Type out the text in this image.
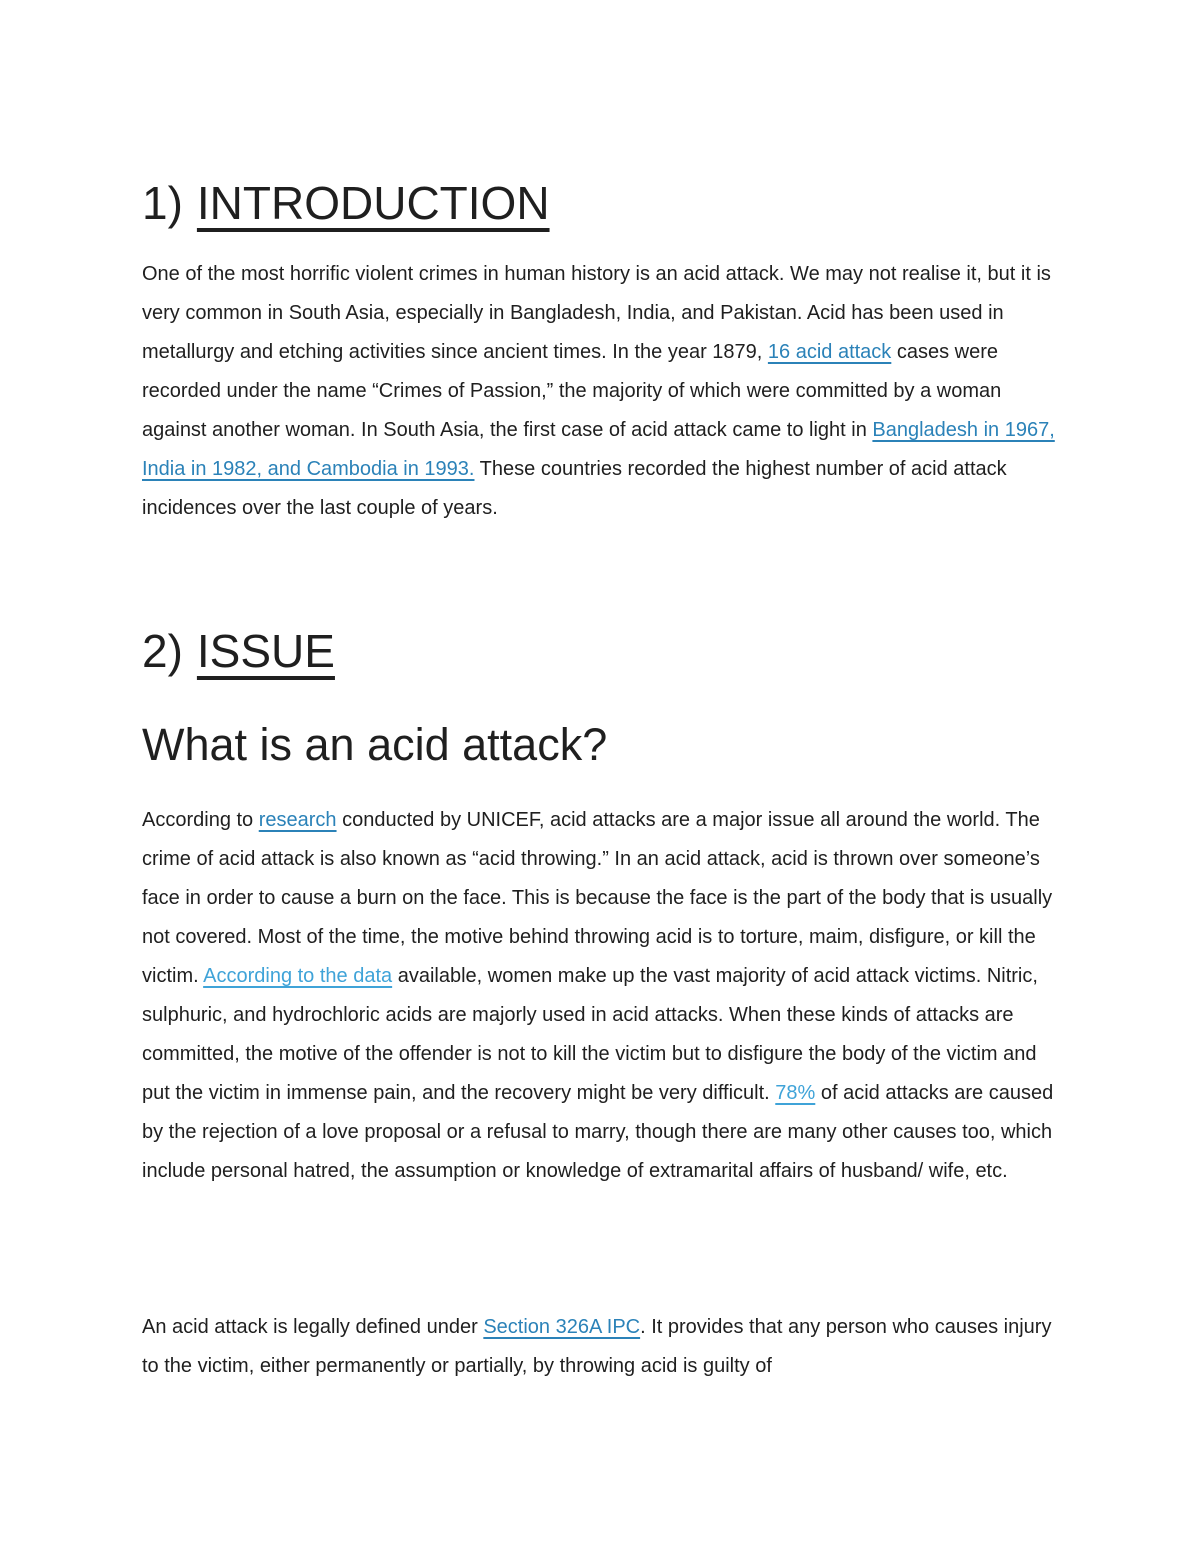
1) INTRODUCTION

One of the most horrific violent crimes in human history is an acid attack. We may not realise it, but it is very common in South Asia, especially in Bangladesh, India, and Pakistan. Acid has been used in metallurgy and etching activities since ancient times. In the year 1879, 16 acid attack cases were recorded under the name “Crimes of Passion,” the majority of which were committed by a woman against another woman. In South Asia, the first case of acid attack came to light in Bangladesh in 1967, India in 1982, and Cambodia in 1993. These countries recorded the highest number of acid attack incidences over the last couple of years.

2) ISSUE
What is an acid attack?

According to research conducted by UNICEF, acid attacks are a major issue all around the world. The crime of acid attack is also known as “acid throwing.” In an acid attack, acid is thrown over someone’s face in order to cause a burn on the face. This is because the face is the part of the body that is usually not covered. Most of the time, the motive behind throwing acid is to torture, maim, disfigure, or kill the victim. According to the data available, women make up the vast majority of acid attack victims. Nitric, sulphuric, and hydrochloric acids are majorly used in acid attacks. When these kinds of attacks are committed, the motive of the offender is not to kill the victim but to disfigure the body of the victim and put the victim in immense pain, and the recovery might be very difficult. 78% of acid attacks are caused by the rejection of a love proposal or a refusal to marry, though there are many other causes too, which include personal hatred, the assumption or knowledge of extramarital affairs of husband/ wife, etc.

An acid attack is legally defined under Section 326A IPC. It provides that any person who causes injury to the victim, either permanently or partially, by throwing acid is guilty of
